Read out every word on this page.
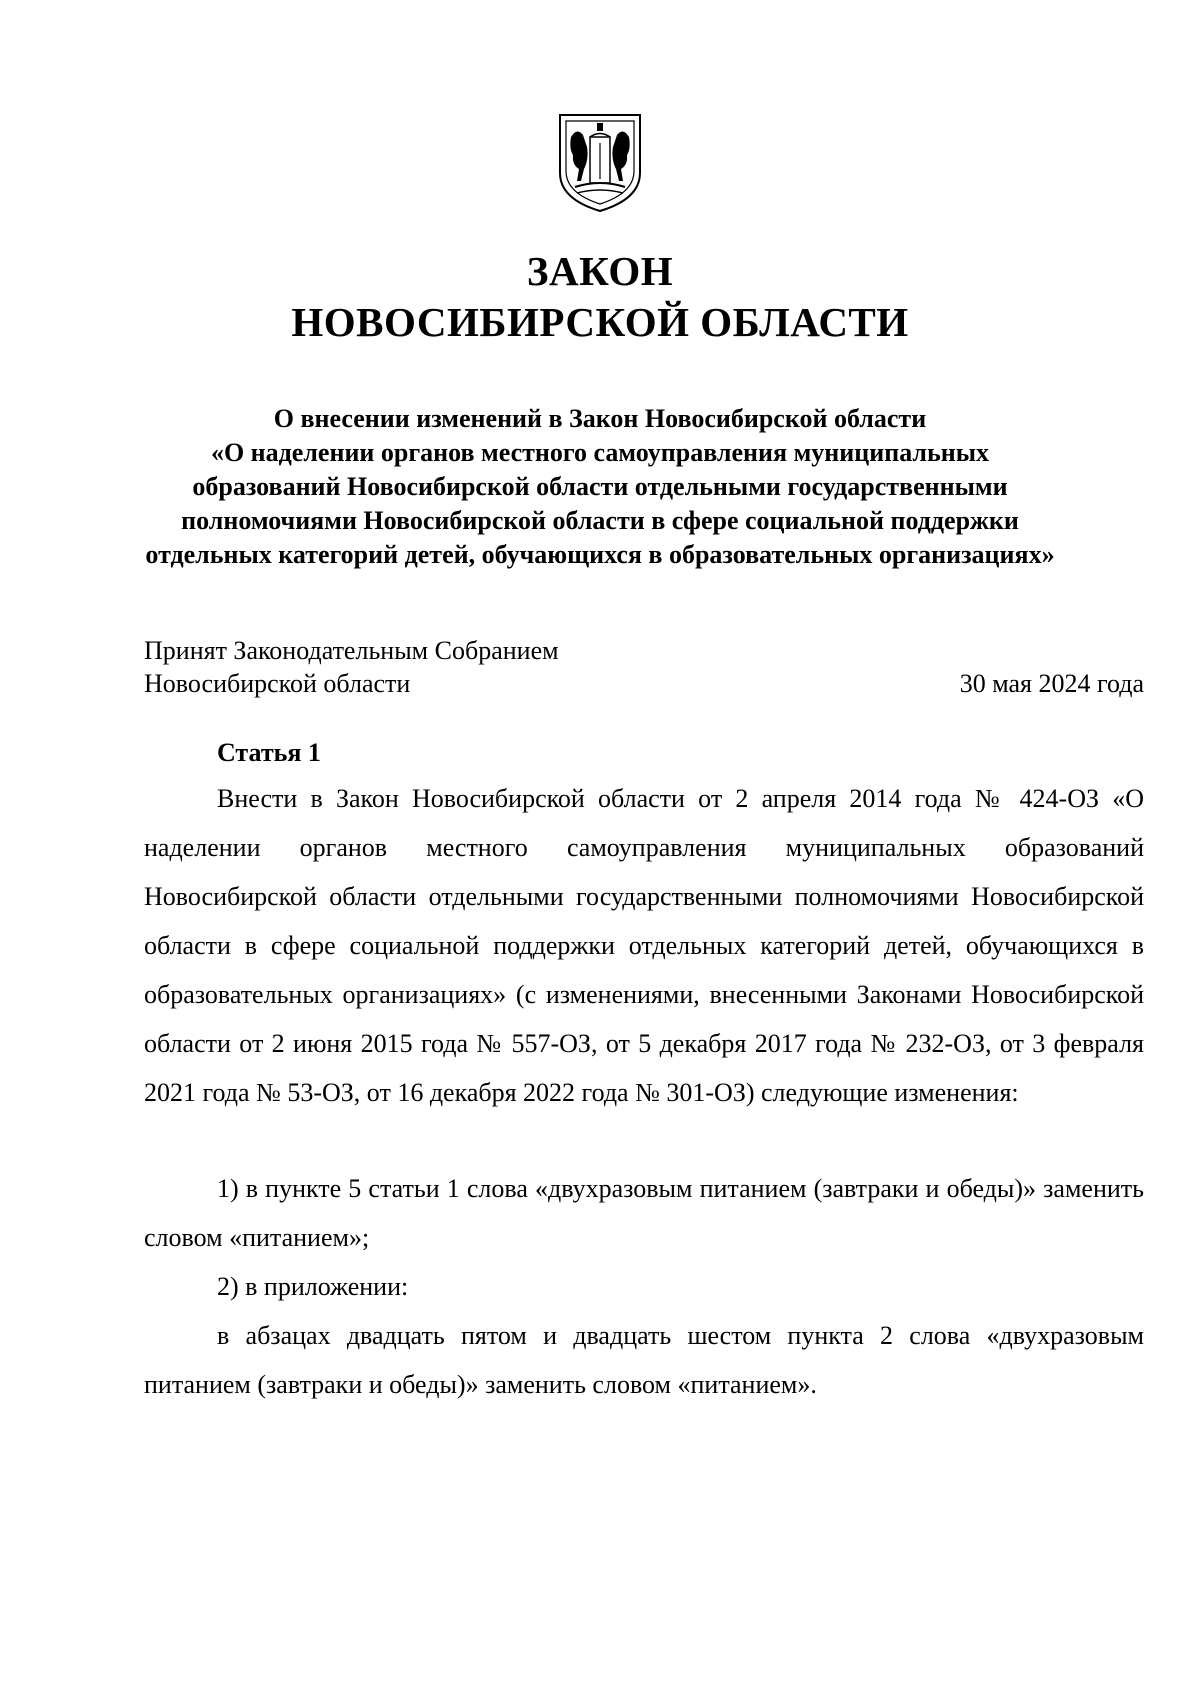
ЗАКОН
НОВОСИБИРСКОЙ ОБЛАСТИ
О внесении изменений в Закон Новосибирской области
«О наделении органов местного самоуправления муниципальных
образований Новосибирской области отдельными государственными
полномочиями Новосибирской области в сфере социальной поддержки
отдельных категорий детей, обучающихся в образовательных организациях»
Принят Законодательным Собранием
Новосибирской области	30 мая 2024 года
Статья 1
Внести в Закон Новосибирской области от 2 апреля 2014 года № 424-ОЗ «О наделении органов местного самоуправления муниципальных образований Новосибирской области отдельными государственными полномочиями Новосибирской области в сфере социальной поддержки отдельных категорий детей, обучающихся в образовательных организациях» (с изменениями, внесенными Законами Новосибирской области от 2 июня 2015 года № 557-ОЗ, от 5 декабря 2017 года № 232-ОЗ, от 3 февраля 2021 года № 53-ОЗ, от 16 декабря 2022 года № 301-ОЗ) следующие изменения:
1) в пункте 5 статьи 1 слова «двухразовым питанием (завтраки и обеды)» заменить словом «питанием»;
2) в приложении:
в абзацах двадцать пятом и двадцать шестом пункта 2 слова «двухразовым питанием (завтраки и обеды)» заменить словом «питанием».
